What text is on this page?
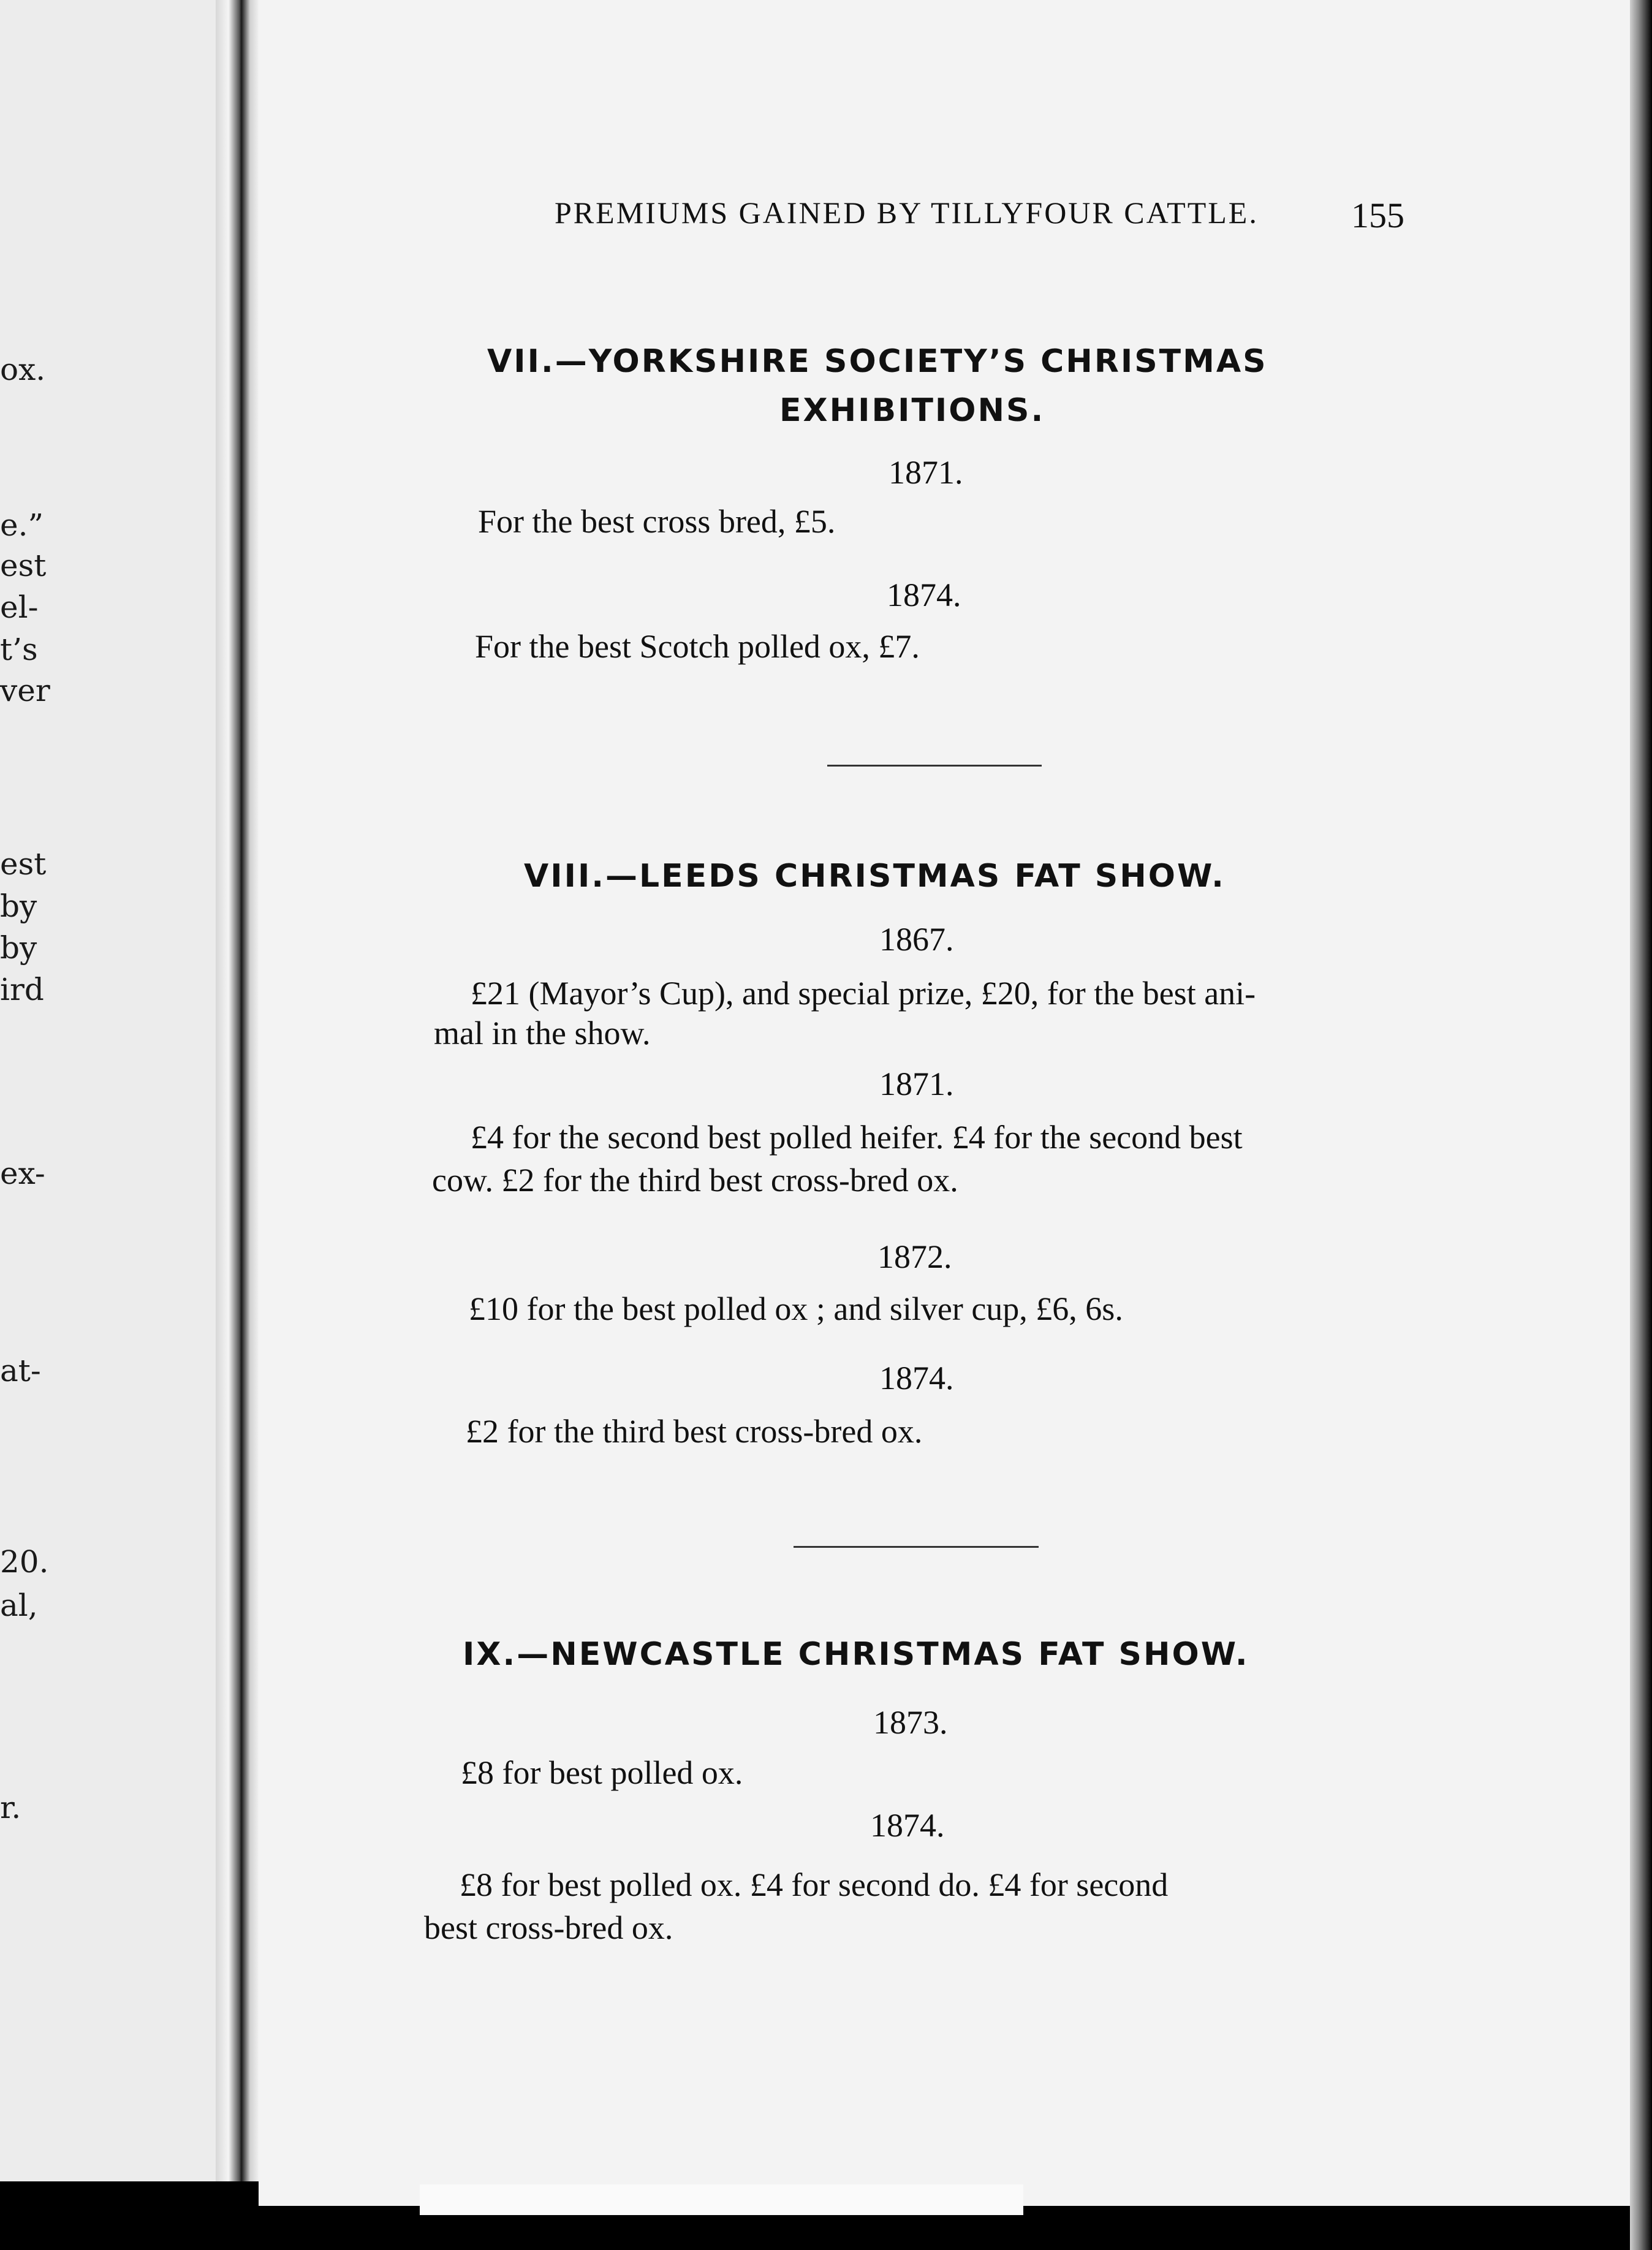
ox.
e.”
est
el-
t’s
ver
est
by
by
ird
ex-
at-
20.
al,
r.
PREMIUMS GAINED BY TILLYFOUR CATTLE.	155
VII.—YORKSHIRE SOCIETY’S CHRISTMAS
EXHIBITIONS.
1871.
For the best cross bred, £5.
1874.
For the best Scotch polled ox, £7.
VIII.—LEEDS CHRISTMAS FAT SHOW.
1867.
£21 (Mayor’s Cup), and special prize, £20, for the best ani-
mal in the show.
1871.
£4 for the second best polled heifer. £4 for the second best
cow. £2 for the third best cross-bred ox.
1872.
£10 for the best polled ox ; and silver cup, £6, 6s.
1874.
£2 for the third best cross-bred ox.
IX.—NEWCASTLE CHRISTMAS FAT SHOW.
1873.
£8 for best polled ox.
1874.
£8 for best polled ox. £4 for second do. £4 for second
best cross-bred ox.
